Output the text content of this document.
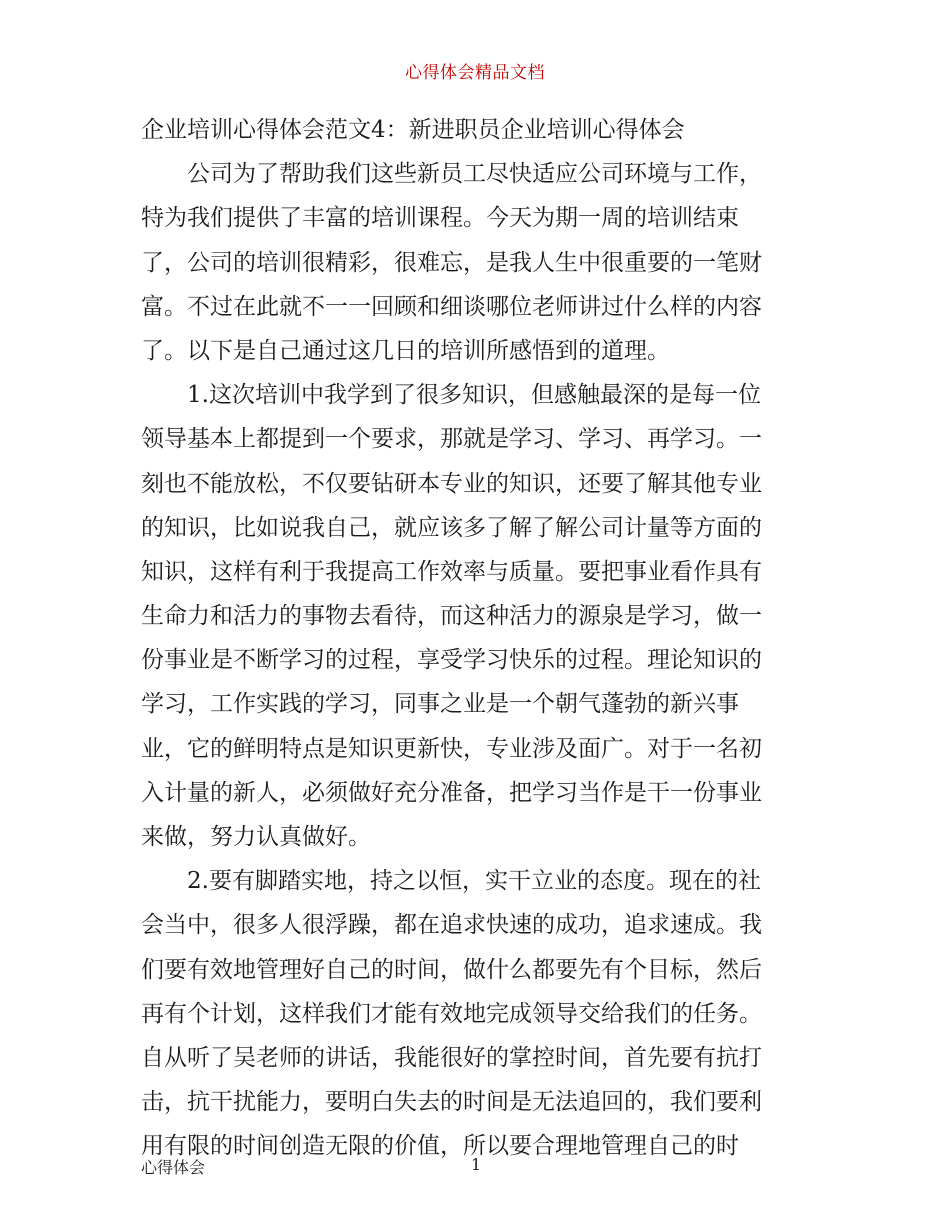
心得体会精品文档
企业培训心得体会范文4：新进职员企业培训心得体会
公司为了帮助我们这些新员工尽快适应公司环境与工作，
特为我们提供了丰富的培训课程。今天为期一周的培训结束
了，公司的培训很精彩，很难忘，是我人生中很重要的一笔财
富。不过在此就不一一回顾和细谈哪位老师讲过什么样的内容
了。以下是自己通过这几日的培训所感悟到的道理。
1.这次培训中我学到了很多知识，但感触最深的是每一位
领导基本上都提到一个要求，那就是学习、学习、再学习。一
刻也不能放松，不仅要钻研本专业的知识，还要了解其他专业
的知识，比如说我自己，就应该多了解了解公司计量等方面的
知识，这样有利于我提高工作效率与质量。要把事业看作具有
生命力和活力的事物去看待，而这种活力的源泉是学习，做一
份事业是不断学习的过程，享受学习快乐的过程。理论知识的
学习，工作实践的学习，同事之业是一个朝气蓬勃的新兴事
业，它的鲜明特点是知识更新快，专业涉及面广。对于一名初
入计量的新人，必须做好充分准备，把学习当作是干一份事业
来做，努力认真做好。
2.要有脚踏实地，持之以恒，实干立业的态度。现在的社
会当中，很多人很浮躁，都在追求快速的成功，追求速成。我
们要有效地管理好自己的时间，做什么都要先有个目标，然后
再有个计划，这样我们才能有效地完成领导交给我们的任务。
自从听了吴老师的讲话，我能很好的掌控时间，首先要有抗打
击，抗干扰能力，要明白失去的时间是无法追回的，我们要利
用有限的时间创造无限的价值，所以要合理地管理自己的时
心得体会	1
